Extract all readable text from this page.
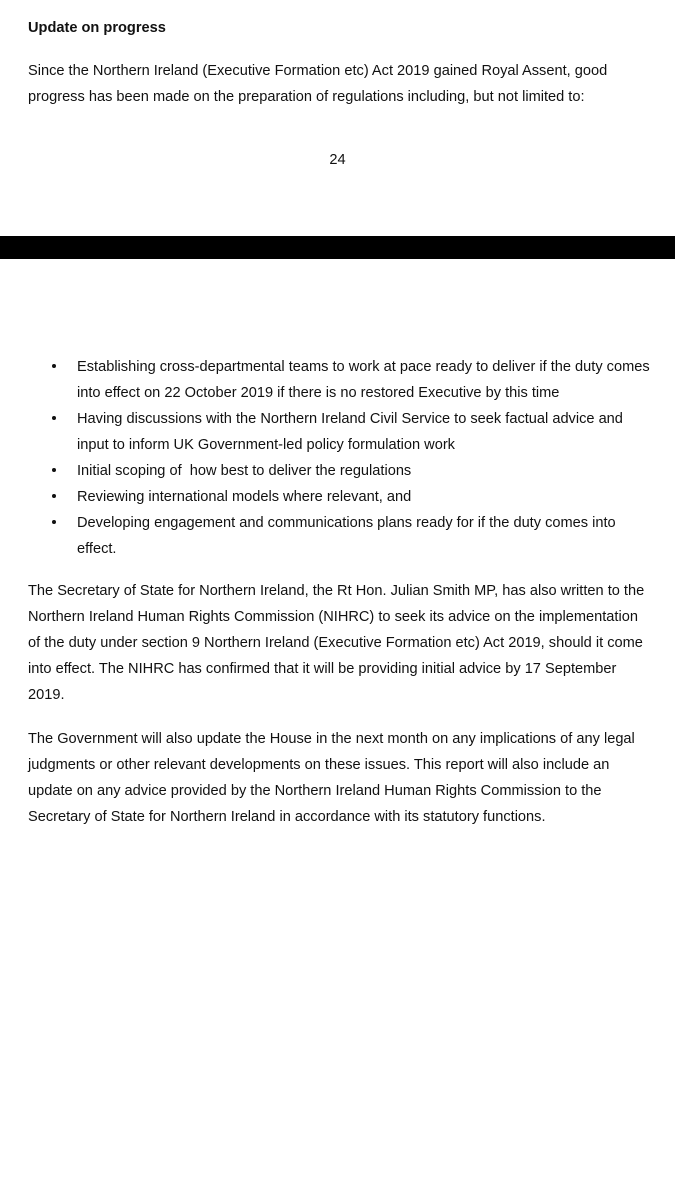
Update on progress

Since the Northern Ireland (Executive Formation etc) Act 2019 gained Royal Assent, good progress has been made on the preparation of regulations including, but not limited to:

24
Establishing cross-departmental teams to work at pace ready to deliver if the duty comes into effect on 22 October 2019 if there is no restored Executive by this time
Having discussions with the Northern Ireland Civil Service to seek factual advice and input to inform UK Government-led policy formulation work
Initial scoping of  how best to deliver the regulations
Reviewing international models where relevant, and
Developing engagement and communications plans ready for if the duty comes into effect.

The Secretary of State for Northern Ireland, the Rt Hon. Julian Smith MP, has also written to the Northern Ireland Human Rights Commission (NIHRC) to seek its advice on the implementation of the duty under section 9 Northern Ireland (Executive Formation etc) Act 2019, should it come into effect. The NIHRC has confirmed that it will be providing initial advice by 17 September 2019.

The Government will also update the House in the next month on any implications of any legal judgments or other relevant developments on these issues. This report will also include an update on any advice provided by the Northern Ireland Human Rights Commission to the Secretary of State for Northern Ireland in accordance with its statutory functions.
